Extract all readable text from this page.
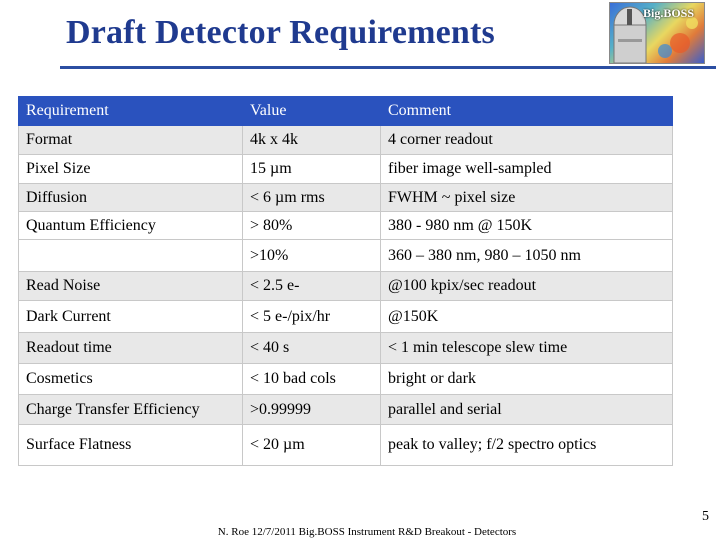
Draft Detector Requirements
Big.BOSS
Requirement	Value	Comment
Format	4k x 4k	4 corner readout
Pixel Size	15 µm	fiber image well-sampled
Diffusion	< 6 µm rms	FWHM ~ pixel size
Quantum Efficiency	> 80%	380 - 980 nm @ 150K
	>10%	360 – 380 nm, 980 – 1050 nm
Read Noise	< 2.5 e-	@100 kpix/sec readout
Dark Current	< 5 e-/pix/hr	@150K
Readout time	< 40 s	< 1 min telescope slew time
Cosmetics	< 10 bad cols	bright or dark
Charge Transfer Efficiency	>0.99999	parallel and serial
Surface Flatness	< 20 µm	peak to valley; f/2 spectro optics
5
N. Roe 12/7/2011 Big.BOSS Instrument R&D Breakout - Detectors
